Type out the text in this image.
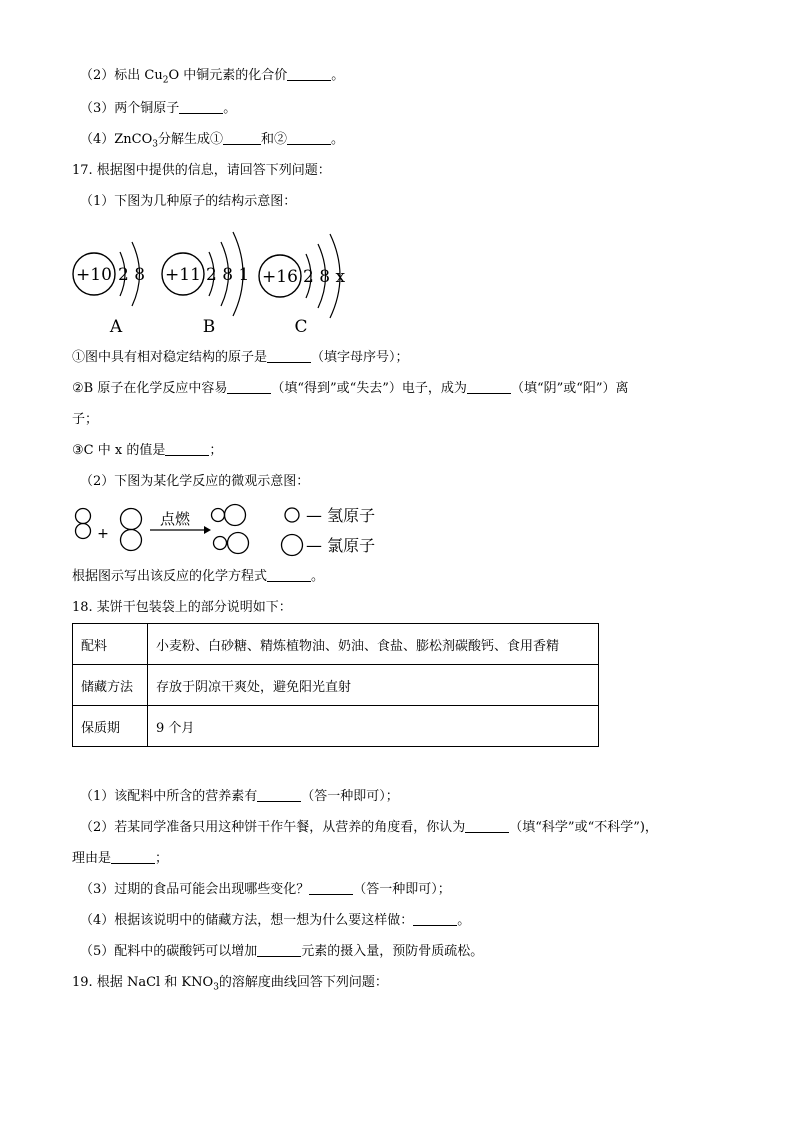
（2）标出 $Cu_2O$ 中铜元素的化合价	。
（3）两个铜原子	。
（4）ZnCO$_3$分解生成①	和②	。
17. 根据图中提供的信息，请回答下列问题：
（1）下图为几种原子的结构示意图：
+10 2 8
A
+11 2 8 1
B
+16 2 8 x
C
①图中具有相对稳定结构的原子是	（填字母序号）；
②B 原子在化学反应中容易	（填“得到”或“失去”）电子，成为	（填“阴”或“阳”）离
子；
③C 中 x 的值是	；
（2）下图为某化学反应的微观示意图：
+
点燃	— 氢原子
— 氯原子
根据图示写出该反应的化学方程式	。
18. 某饼干包装袋上的部分说明如下：
配料	小麦粉、白砂糖、精炼植物油、奶油、食盐、膨松剂碳酸钙、食用香精
储藏方法	存放于阴凉干爽处，避免阳光直射
保质期	9 个月
（1）该配料中所含的营养素有	（答一种即可）；
（2）若某同学准备只用这种饼干作午餐，从营养的角度看，你认为	（填“科学”或“不科学”)，
理由是	；
（3）过期的食品可能会出现哪些变化？	（答一种即可）；
（4）根据该说明中的储藏方法，想一想为什么要这样做：	。
（5）配料中的碳酸钙可以增加	元素的摄入量，预防骨质疏松。
19. 根据 NaCl 和 $KNO_3$的溶解度曲线回答下列问题：
